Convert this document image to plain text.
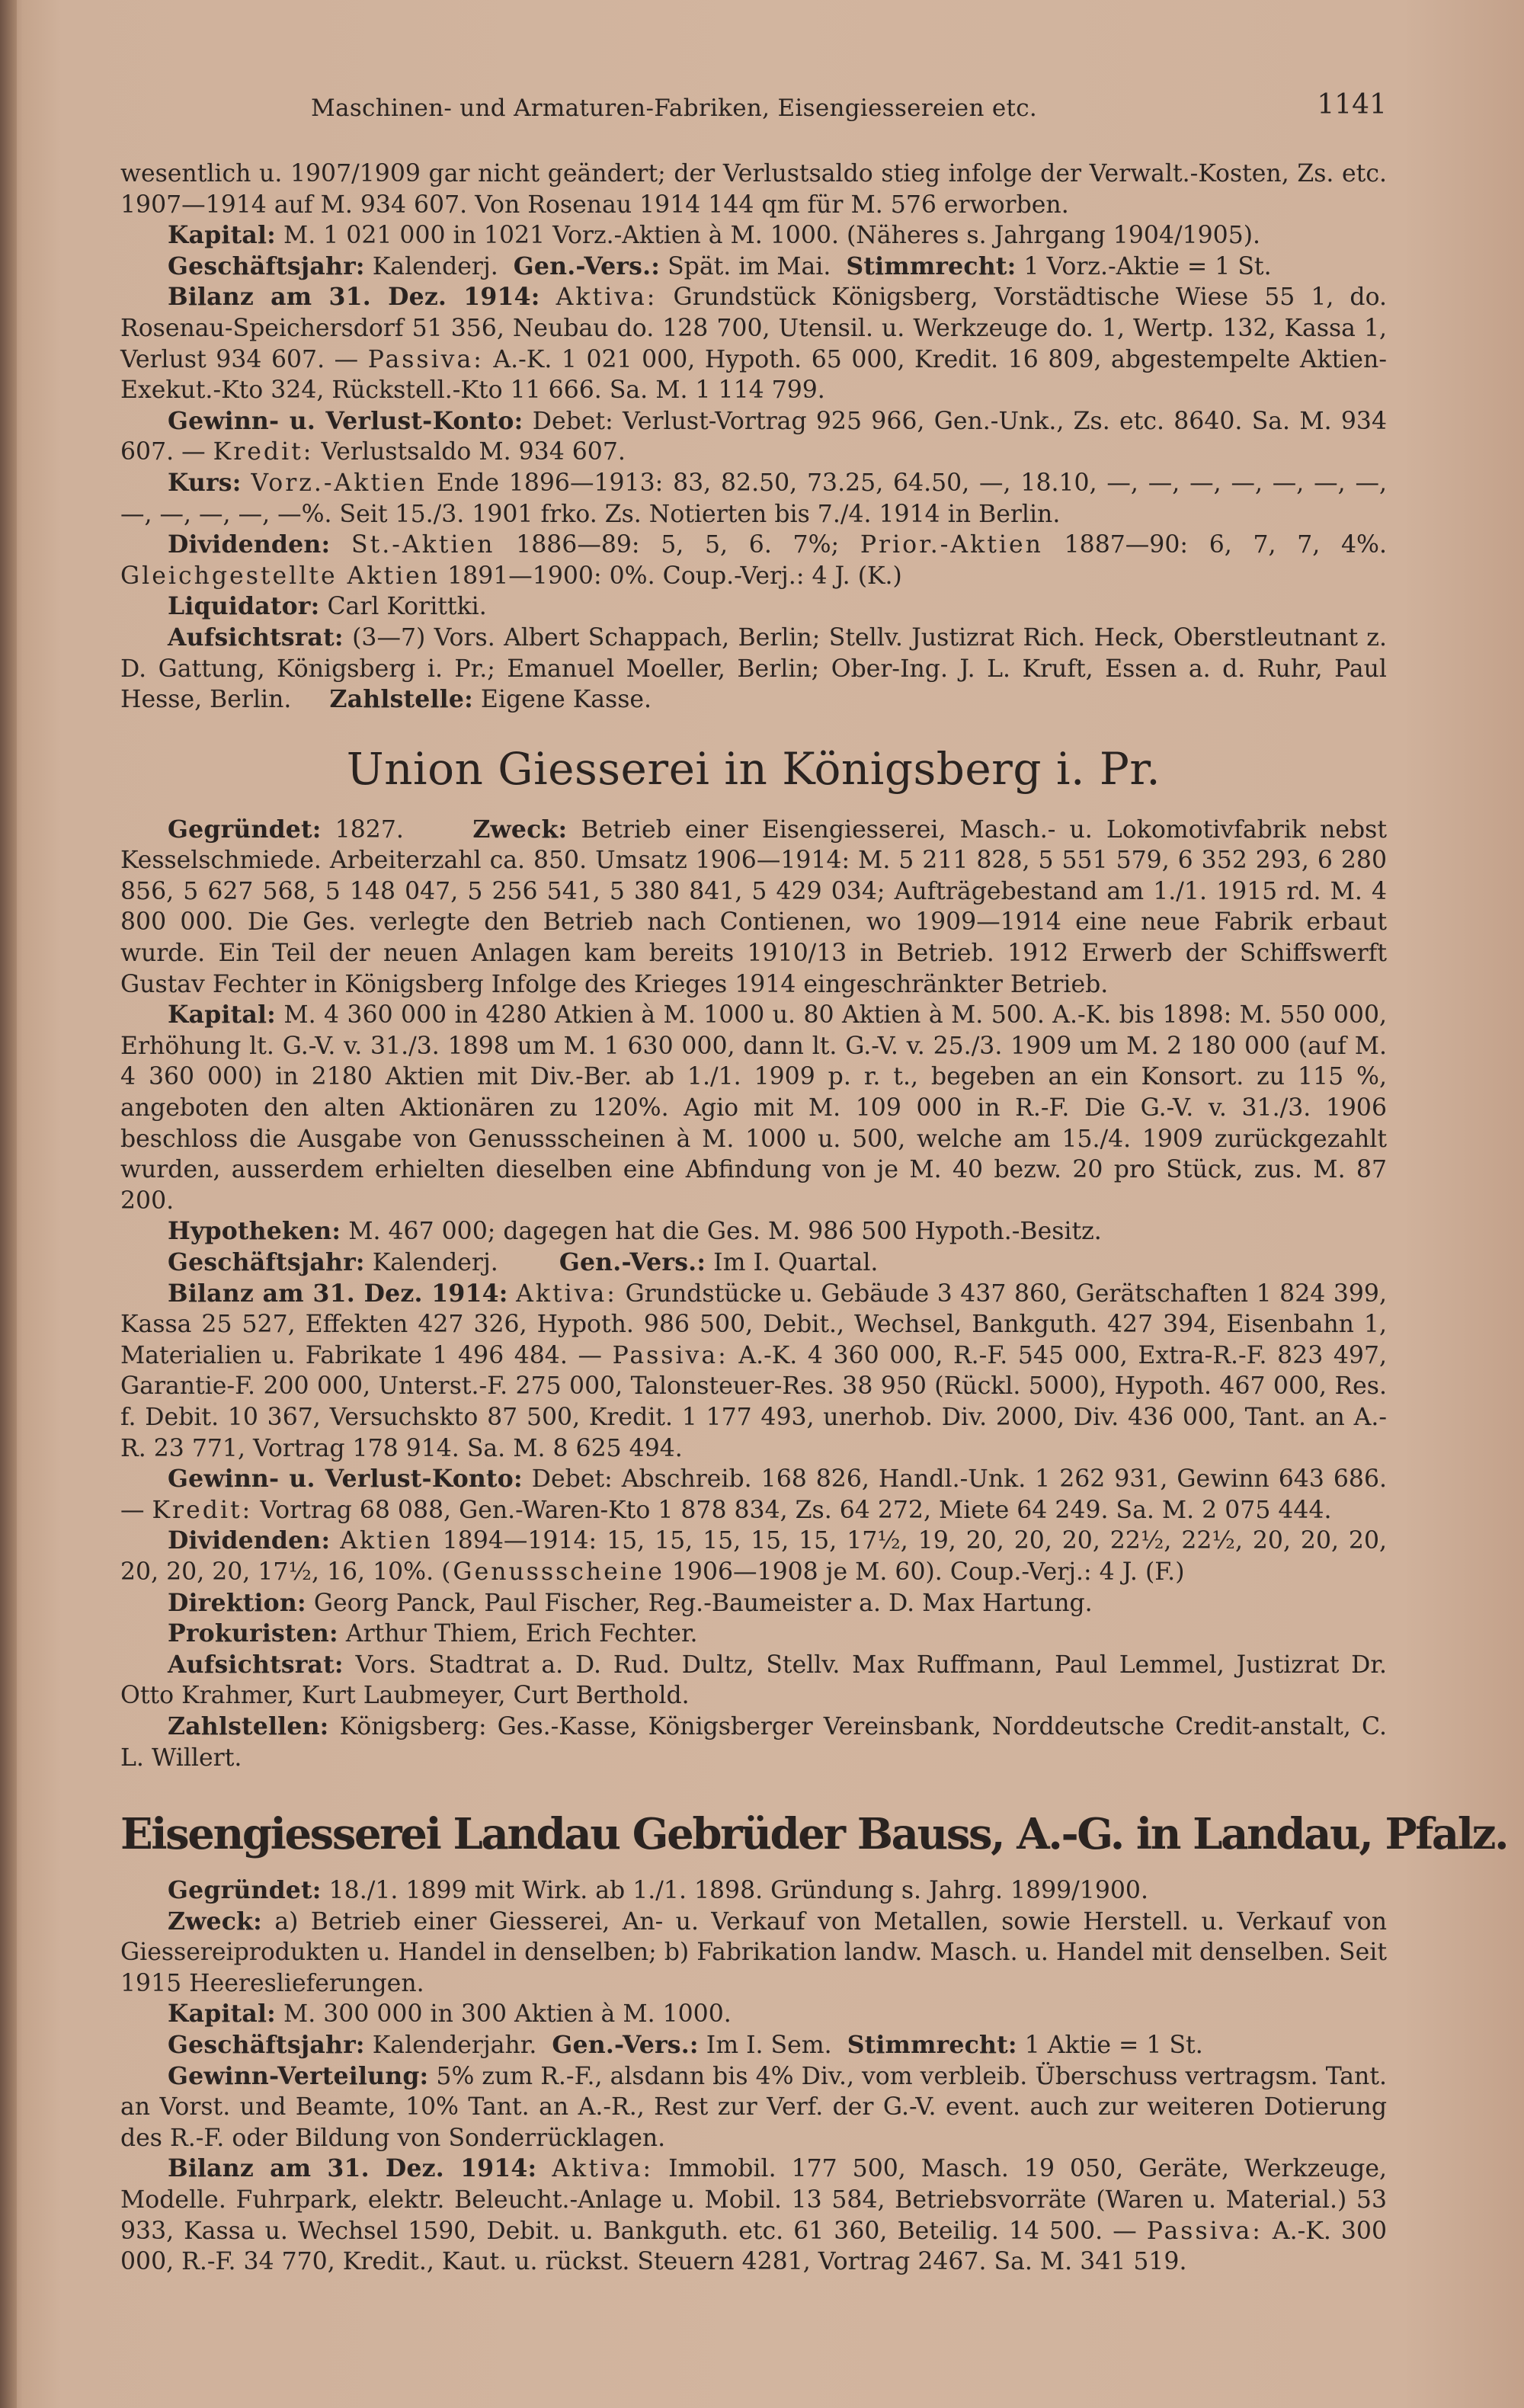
Maschinen- und Armaturen-Fabriken, Eisengiessereien etc.	1141

wesentlich u. 1907/1909 gar nicht geändert; der Verlustsaldo stieg infolge der Verwalt.-Kosten, Zs. etc. 1907—1914 auf M. 934 607. Von Rosenau 1914 144 qm für M. 576 erworben.

Kapital: M. 1 021 000 in 1021 Vorz.-Aktien à M. 1000. (Näheres s. Jahrgang 1904/1905).

Geschäftsjahr: Kalenderj. Gen.-Vers.: Spät. im Mai. Stimmrecht: 1 Vorz.-Aktie = 1 St.

Bilanz am 31. Dez. 1914: Aktiva: Grundstück Königsberg, Vorstädtische Wiese 55 1, do. Rosenau-Speichersdorf 51 356, Neubau do. 128 700, Utensil. u. Werkzeuge do. 1, Wertp. 132, Kassa 1, Verlust 934 607. — Passiva: A.-K. 1 021 000, Hypoth. 65 000, Kredit. 16 809, abgestempelte Aktien-Exekut.-Kto 324, Rückstell.-Kto 11 666. Sa. M. 1 114 799.

Gewinn- u. Verlust-Konto: Debet: Verlust-Vortrag 925 966, Gen.-Unk., Zs. etc. 8640. Sa. M. 934 607. — Kredit: Verlustsaldo M. 934 607.

Kurs: Vorz.-Aktien Ende 1896—1913: 83, 82.50, 73.25, 64.50, —, 18.10, —, —, —, —, —, —, —, —, —, —, —, —%. Seit 15./3. 1901 frko. Zs. Notierten bis 7./4. 1914 in Berlin.

Dividenden: St.-Aktien 1886—89: 5, 5, 6. 7%; Prior.-Aktien 1887—90: 6, 7, 7, 4%. Gleichgestellte Aktien 1891—1900: 0%. Coup.-Verj.: 4 J. (K.)

Liquidator: Carl Korittki.

Aufsichtsrat: (3—7) Vors. Albert Schappach, Berlin; Stellv. Justizrat Rich. Heck, Oberstleutnant z. D. Gattung, Königsberg i. Pr.; Emanuel Moeller, Berlin; Ober-Ing. J. L. Kruft, Essen a. d. Ruhr, Paul Hesse, Berlin. Zahlstelle: Eigene Kasse.

Union Giesserei in Königsberg i. Pr.

Gegründet: 1827.	Zweck: Betrieb einer Eisengiesserei, Masch.- u. Lokomotivfabrik nebst Kesselschmiede. Arbeiterzahl ca. 850. Umsatz 1906—1914: M. 5 211 828, 5 551 579, 6 352 293, 6 280 856, 5 627 568, 5 148 047, 5 256 541, 5 380 841, 5 429 034; Aufträgebestand am 1./1. 1915 rd. M. 4 800 000. Die Ges. verlegte den Betrieb nach Contienen, wo 1909—1914 eine neue Fabrik erbaut wurde. Ein Teil der neuen Anlagen kam bereits 1910/13 in Betrieb. 1912 Erwerb der Schiffswerft Gustav Fechter in Königsberg Infolge des Krieges 1914 eingeschränkter Betrieb.

Kapital: M. 4 360 000 in 4280 Atkien à M. 1000 u. 80 Aktien à M. 500. A.-K. bis 1898: M. 550 000, Erhöhung lt. G.-V. v. 31./3. 1898 um M. 1 630 000, dann lt. G.-V. v. 25./3. 1909 um M. 2 180 000 (auf M. 4 360 000) in 2180 Aktien mit Div.-Ber. ab 1./1. 1909 p. r. t., begeben an ein Konsort. zu 115 %, angeboten den alten Aktionären zu 120%. Agio mit M. 109 000 in R.-F. Die G.-V. v. 31./3. 1906 beschloss die Ausgabe von Genussscheinen à M. 1000 u. 500, welche am 15./4. 1909 zurückgezahlt wurden, ausserdem erhielten dieselben eine Abfindung von je M. 40 bezw. 20 pro Stück, zus. M. 87 200.

Hypotheken: M. 467 000; dagegen hat die Ges. M. 986 500 Hypoth.-Besitz.

Geschäftsjahr: Kalenderj.	Gen.-Vers.: Im I. Quartal.

Bilanz am 31. Dez. 1914: Aktiva: Grundstücke u. Gebäude 3 437 860, Gerätschaften 1 824 399, Kassa 25 527, Effekten 427 326, Hypoth. 986 500, Debit., Wechsel, Bankguth. 427 394, Eisenbahn 1, Materialien u. Fabrikate 1 496 484. — Passiva: A.-K. 4 360 000, R.-F. 545 000, Extra-R.-F. 823 497, Garantie-F. 200 000, Unterst.-F. 275 000, Talonsteuer-Res. 38 950 (Rückl. 5000), Hypoth. 467 000, Res. f. Debit. 10 367, Versuchskto 87 500, Kredit. 1 177 493, unerhob. Div. 2000, Div. 436 000, Tant. an A.-R. 23 771, Vortrag 178 914. Sa. M. 8 625 494.

Gewinn- u. Verlust-Konto: Debet: Abschreib. 168 826, Handl.-Unk. 1 262 931, Gewinn 643 686. — Kredit: Vortrag 68 088, Gen.-Waren-Kto 1 878 834, Zs. 64 272, Miete 64 249. Sa. M. 2 075 444.

Dividenden: Aktien 1894—1914: 15, 15, 15, 15, 15, 17½, 19, 20, 20, 20, 22½, 22½, 20, 20, 20, 20, 20, 20, 17½, 16, 10%. (Genussscheine 1906—1908 je M. 60). Coup.-Verj.: 4 J. (F.)

Direktion: Georg Panck, Paul Fischer, Reg.-Baumeister a. D. Max Hartung.

Prokuristen: Arthur Thiem, Erich Fechter.

Aufsichtsrat: Vors. Stadtrat a. D. Rud. Dultz, Stellv. Max Ruffmann, Paul Lemmel, Justizrat Dr. Otto Krahmer, Kurt Laubmeyer, Curt Berthold.

Zahlstellen: Königsberg: Ges.-Kasse, Königsberger Vereinsbank, Norddeutsche Credit-anstalt, C. L. Willert.

Eisengiesserei Landau Gebrüder Bauss, A.-G. in Landau, Pfalz.

Gegründet: 18./1. 1899 mit Wirk. ab 1./1. 1898. Gründung s. Jahrg. 1899/1900.

Zweck: a) Betrieb einer Giesserei, An- u. Verkauf von Metallen, sowie Herstell. u. Verkauf von Giessereiprodukten u. Handel in denselben; b) Fabrikation landw. Masch. u. Handel mit denselben. Seit 1915 Heereslieferungen.

Kapital: M. 300 000 in 300 Aktien à M. 1000.

Geschäftsjahr: Kalenderjahr. Gen.-Vers.: Im I. Sem. Stimmrecht: 1 Aktie = 1 St.

Gewinn-Verteilung: 5% zum R.-F., alsdann bis 4% Div., vom verbleib. Überschuss vertragsm. Tant. an Vorst. und Beamte, 10% Tant. an A.-R., Rest zur Verf. der G.-V. event. auch zur weiteren Dotierung des R.-F. oder Bildung von Sonderrücklagen.

Bilanz am 31. Dez. 1914: Aktiva: Immobil. 177 500, Masch. 19 050, Geräte, Werkzeuge, Modelle. Fuhrpark, elektr. Beleucht.-Anlage u. Mobil. 13 584, Betriebsvorräte (Waren u. Material.) 53 933, Kassa u. Wechsel 1590, Debit. u. Bankguth. etc. 61 360, Beteilig. 14 500. — Passiva: A.-K. 300 000, R.-F. 34 770, Kredit., Kaut. u. rückst. Steuern 4281, Vortrag 2467. Sa. M. 341 519.
